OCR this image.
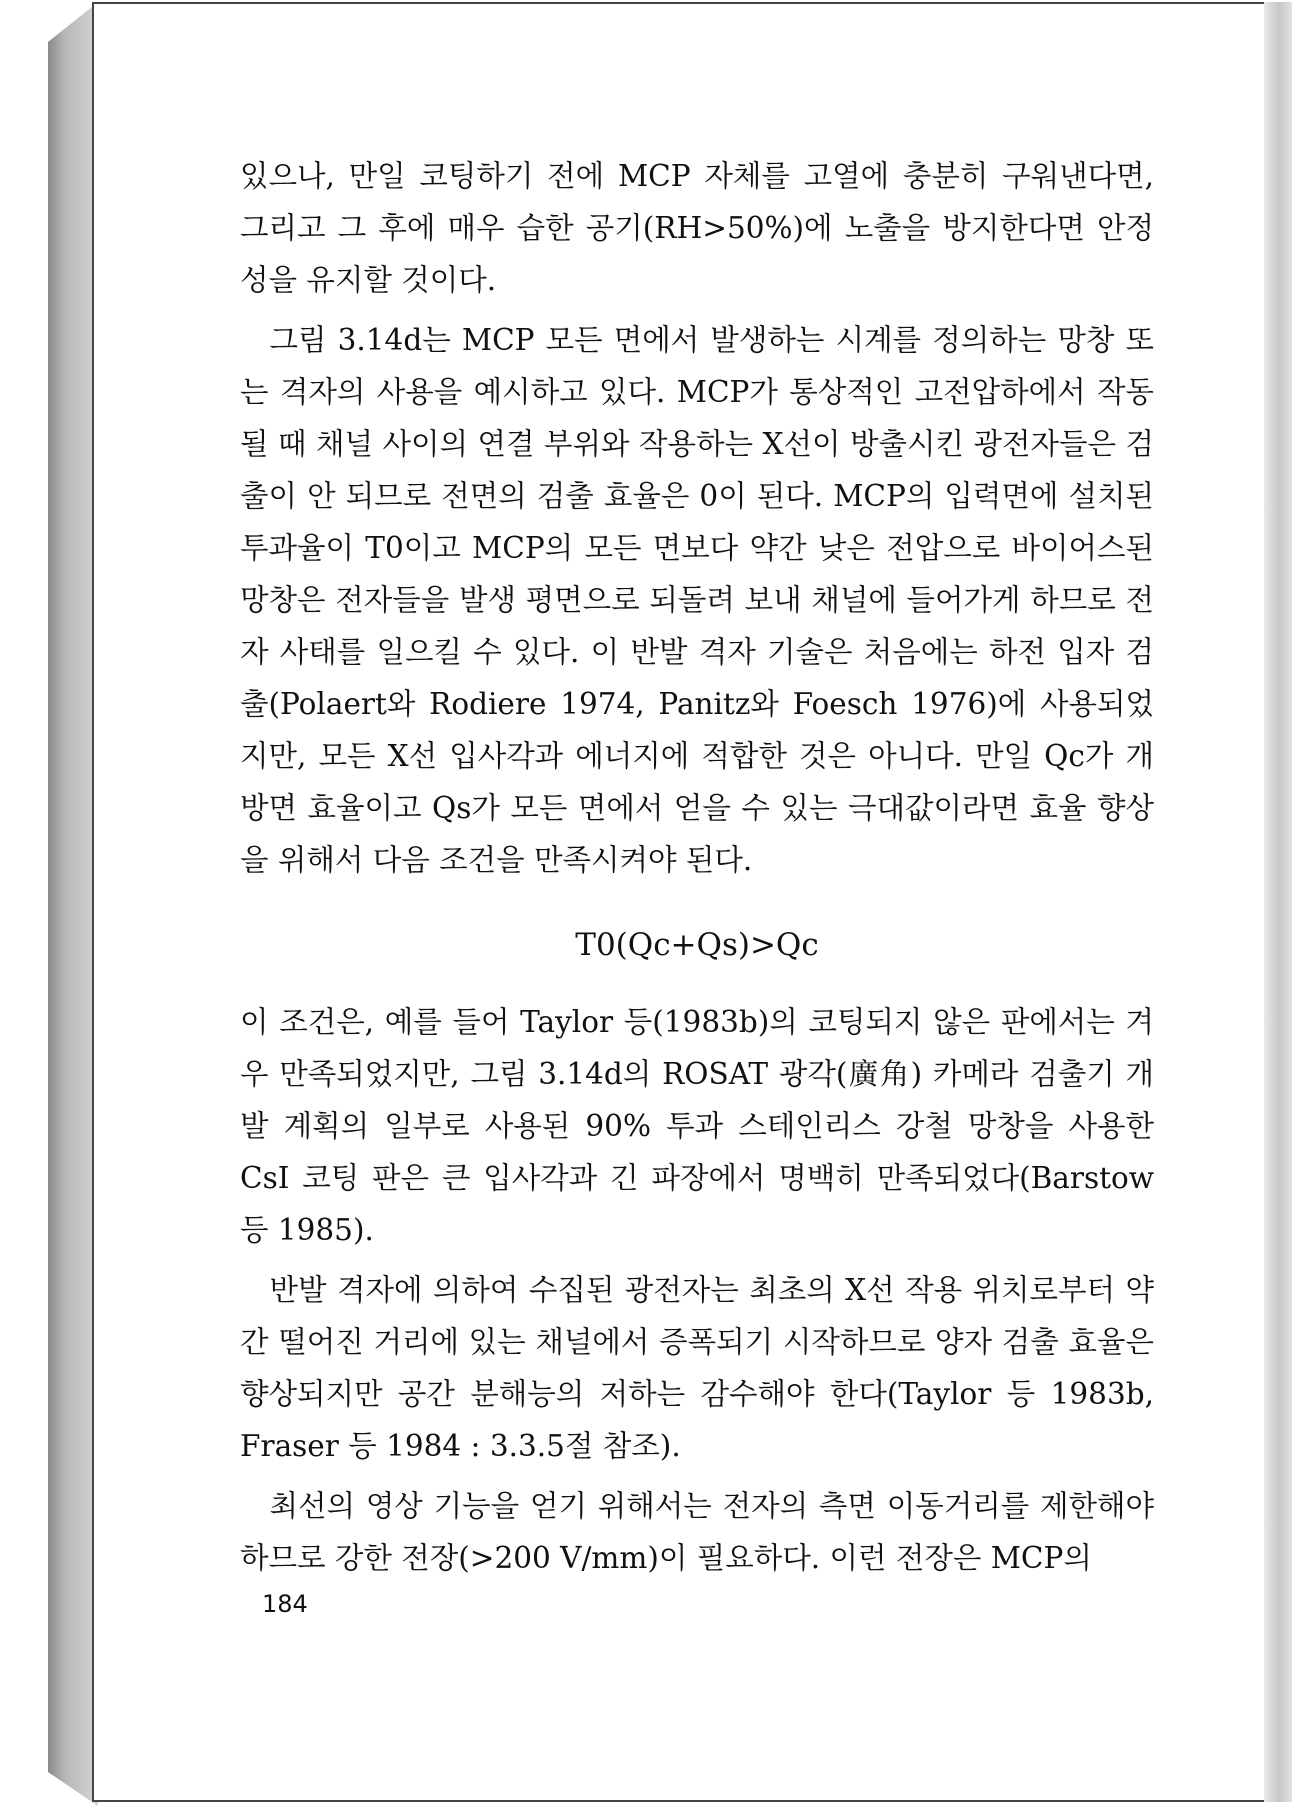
있으나, 만일 코팅하기 전에 MCP 자체를 고열에 충분히 구워낸다면, 그리고 그 후에 매우 습한 공기(RH>50%)에 노출을 방지한다면 안정성을 유지할 것이다.

그림 3.14d는 MCP 모든 면에서 발생하는 시계를 정의하는 망창 또는 격자의 사용을 예시하고 있다. MCP가 통상적인 고전압하에서 작동될 때 채널 사이의 연결 부위와 작용하는 X선이 방출시킨 광전자들은 검출이 안 되므로 전면의 검출 효율은 0이 된다. MCP의 입력면에 설치된 투과율이 T0이고 MCP의 모든 면보다 약간 낮은 전압으로 바이어스된 망창은 전자들을 발생 평면으로 되돌려 보내 채널에 들어가게 하므로 전자 사태를 일으킬 수 있다. 이 반발 격자 기술은 처음에는 하전 입자 검출(Polaert와 Rodiere 1974, Panitz와 Foesch 1976)에 사용되었지만, 모든 X선 입사각과 에너지에 적합한 것은 아니다. 만일 Qc가 개방면 효율이고 Qs가 모든 면에서 얻을 수 있는 극대값이라면 효율 향상을 위해서 다음 조건을 만족시켜야 된다.

T0(Qc+Qs)>Qc

이 조건은, 예를 들어 Taylor 등(1983b)의 코팅되지 않은 판에서는 겨우 만족되었지만, 그림 3.14d의 ROSAT 광각(廣角) 카메라 검출기 개발 계획의 일부로 사용된 90% 투과 스테인리스 강철 망창을 사용한 CsI 코팅 판은 큰 입사각과 긴 파장에서 명백히 만족되었다(Barstow 등 1985).

반발 격자에 의하여 수집된 광전자는 최초의 X선 작용 위치로부터 약간 떨어진 거리에 있는 채널에서 증폭되기 시작하므로 양자 검출 효율은 향상되지만 공간 분해능의 저하는 감수해야 한다(Taylor 등 1983b, Fraser 등 1984 : 3.3.5절 참조).

최선의 영상 기능을 얻기 위해서는 전자의 측면 이동거리를 제한해야 하므로 강한 전장(>200 V/mm)이 필요하다. 이런 전장은 MCP의

184
